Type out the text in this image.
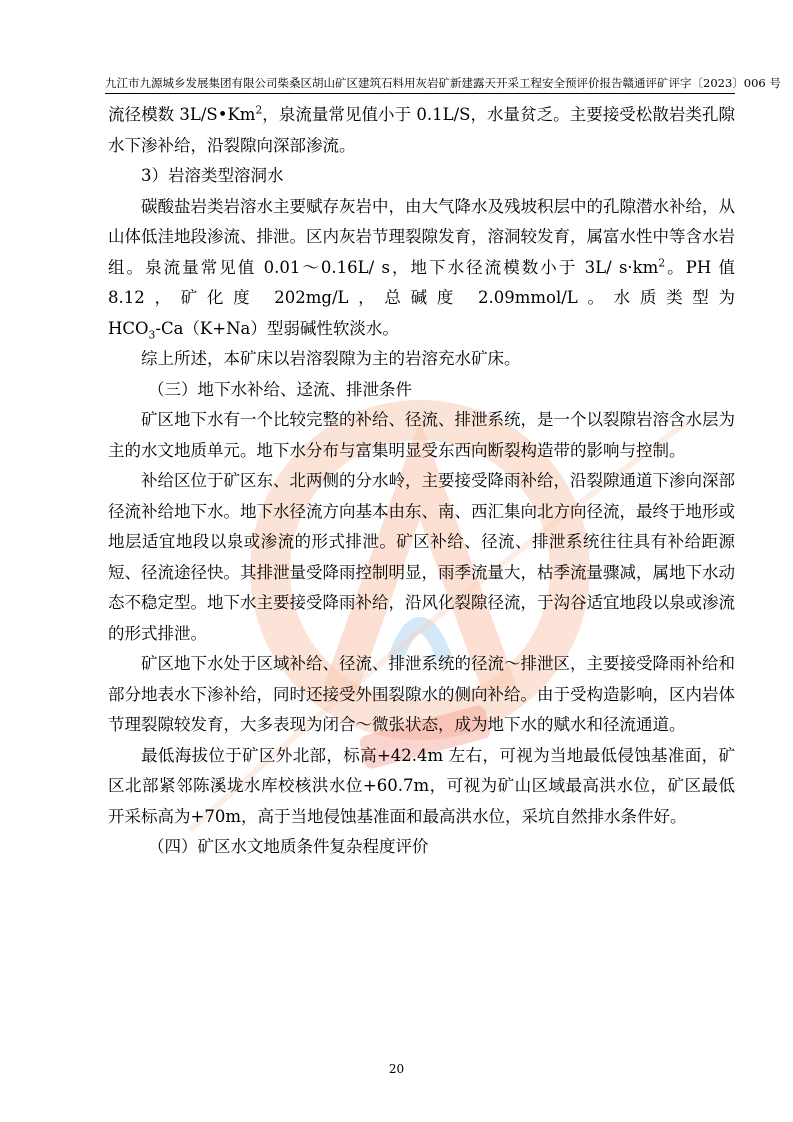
九江市九源城乡发展集团有限公司柴桑区胡山矿区建筑石料用灰岩矿新建露天开采工程安全预评价报告 赣通评矿评字〔2023〕006 号

流径模数 3L/S•Km$^2$，泉流量常见值小于 0.1L/S，水量贫乏。主要接受松散岩类孔隙水下渗补给，沿裂隙向深部渗流。

3）岩溶类型溶洞水

碳酸盐岩类岩溶水主要赋存灰岩中，由大气降水及残坡积层中的孔隙潜水补给，从山体低洼地段渗流、排泄。区内灰岩节理裂隙发育，溶洞较发育，属富水性中等含水岩组。泉流量常见值 0.01～0.16L/ s，地下水径流模数小于 3L/ $s\cdot km^2$。PH 值 8.12，矿化度 202mg/L，总碱度 2.09mmol/L。水质类型为

$HCO_3-Ca(K+Na)$型弱碱性软淡水。

综上所述，本矿床以岩溶裂隙为主的岩溶充水矿床。

（三）地下水补给、迳流、排泄条件

矿区地下水有一个比较完整的补给、径流、排泄系统，是一个以裂隙岩溶含水层为主的水文地质单元。地下水分布与富集明显受东西向断裂构造带的影响与控制。

补给区位于矿区东、北两侧的分水岭，主要接受降雨补给，沿裂隙通道下渗向深部径流补给地下水。地下水径流方向基本由东、南、西汇集向北方向径流，最终于地形或地层适宜地段以泉或渗流的形式排泄。矿区补给、径流、排泄系统往往具有补给距源短、径流途径快。其排泄量受降雨控制明显，雨季流量大，枯季流量骤减，属地下水动态不稳定型。地下水主要接受降雨补给，沿风化裂隙径流，于沟谷适宜地段以泉或渗流的形式排泄。

矿区地下水处于区域补给、径流、排泄系统的径流～排泄区，主要接受降雨补给和部分地表水下渗补给，同时还接受外围裂隙水的侧向补给。由于受构造影响，区内岩体节理裂隙较发育，大多表现为闭合～微张状态，成为地下水的赋水和径流通道。

最低海拔位于矿区外北部，标高+42.4m 左右，可视为当地最低侵蚀基准面，矿区北部紧邻陈溪垅水库校核洪水位+60.7m，可视为矿山区域最高洪水位，矿区最低开采标高为+70m，高于当地侵蚀基准面和最高洪水位，采坑自然排水条件好。

（四）矿区水文地质条件复杂程度评价

20
